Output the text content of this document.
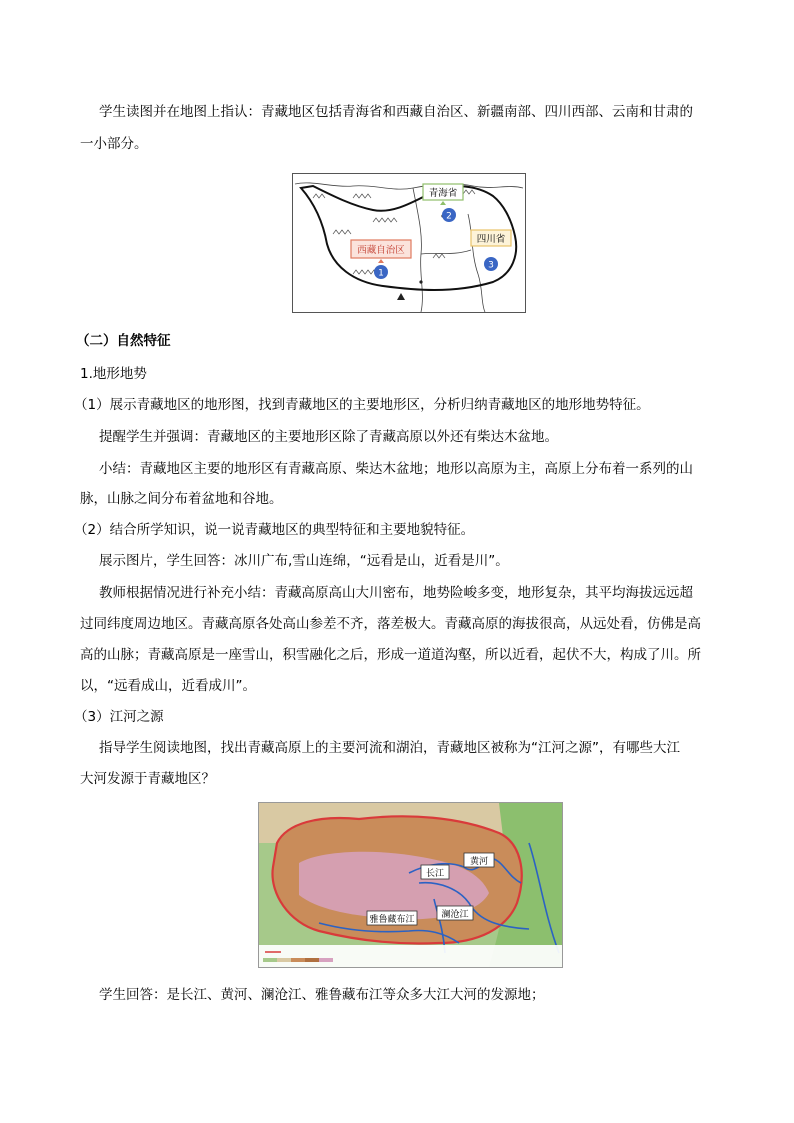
学生读图并在地图上指认：青藏地区包括青海省和西藏自治区、新疆南部、四川西部、云南和甘肃的
一小部分。
青海省
2
西藏自治区
1
四川省
3
（二）自然特征
1.地形地势
（1）展示青藏地区的地形图，找到青藏地区的主要地形区，分析归纳青藏地区的地形地势特征。
提醒学生并强调：青藏地区的主要地形区除了青藏高原以外还有柴达木盆地。
小结：青藏地区主要的地形区有青藏高原、柴达木盆地；地形以高原为主，高原上分布着一系列的山
脉，山脉之间分布着盆地和谷地。
（2）结合所学知识，说一说青藏地区的典型特征和主要地貌特征。
展示图片，学生回答：冰川广布,雪山连绵，“远看是山，近看是川”。
教师根据情况进行补充小结：青藏高原高山大川密布，地势险峻多变，地形复杂，其平均海拔远远超
过同纬度周边地区。青藏高原各处高山参差不齐，落差极大。青藏高原的海拔很高，从远处看，仿佛是高
高的山脉；青藏高原是一座雪山，积雪融化之后，形成一道道沟壑，所以近看，起伏不大，构成了川。所
以，“远看成山，近看成川”。
（3）江河之源
指导学生阅读地图，找出青藏高原上的主要河流和湖泊，青藏地区被称为“江河之源”，有哪些大江
大河发源于青藏地区？
黄河
长江
澜沧江
雅鲁藏布江
学生回答：是长江、黄河、澜沧江、雅鲁藏布江等众多大江大河的发源地；
